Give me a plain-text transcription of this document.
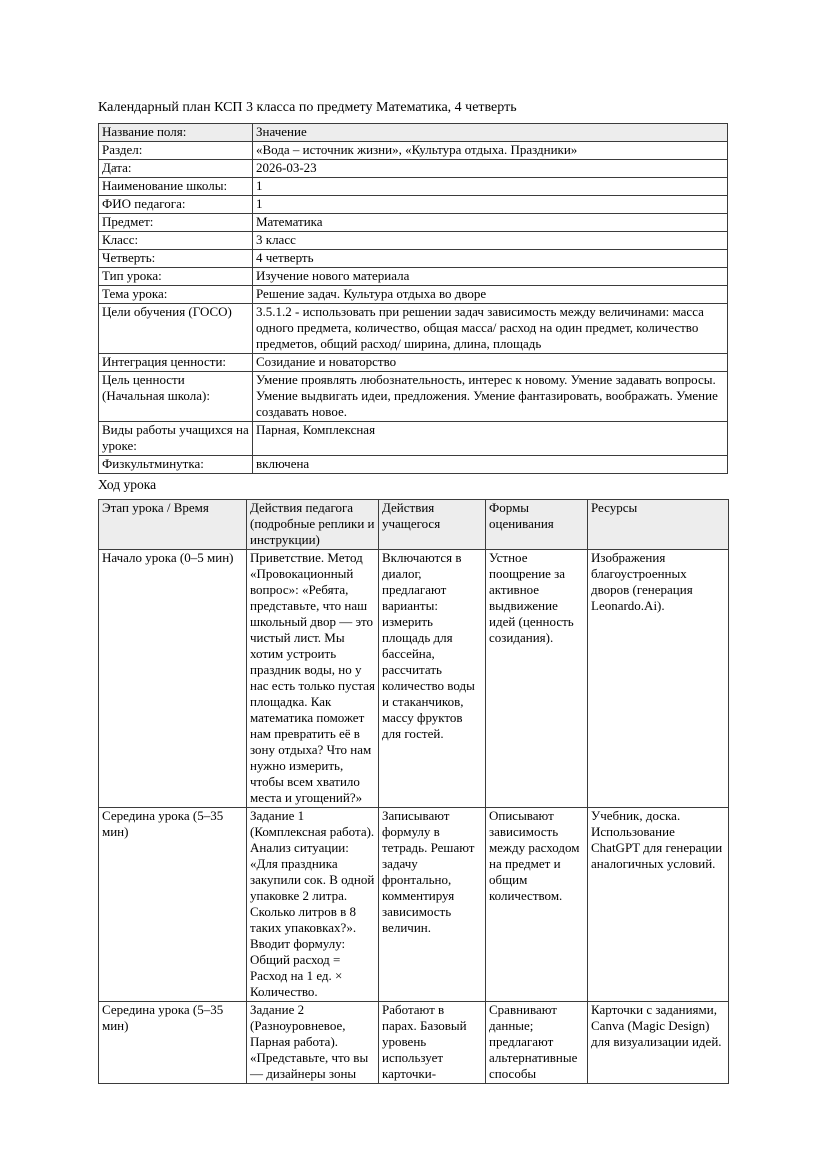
Календарный план КСП 3 класса по предмету Математика, 4 четверть

Название поля:	Значение
Раздел:	«Вода – источник жизни», «Культура отдыха. Праздники»
Дата:	2026-03-23
Наименование школы:	1
ФИО педагога:	1
Предмет:	Математика
Класс:	3 класс
Четверть:	4 четверть
Тип урока:	Изучение нового материала
Тема урока:	Решение задач. Культура отдыха во дворе
Цели обучения (ГОСО)	3.5.1.2 - использовать при решении задач зависимость между величинами: масса одного предмета, количество, общая масса/ расход на один предмет, количество предметов, общий расход/ ширина, длина, площадь
Интеграция ценности:	Созидание и новаторство
Цель ценности (Начальная школа):	Умение проявлять любознательность, интерес к новому. Умение задавать вопросы. Умение выдвигать идеи, предложения. Умение фантазировать, воображать. Умение создавать новое.
Виды работы учащихся на уроке:	Парная, Комплексная
Физкультминутка:	включена

Ход урока

Этап урока / Время	Действия педагога (подробные реплики и инструкции)	Действия учащегося	Формы оценивания	Ресурсы
Начало урока (0–5 мин)	Приветствие. Метод «Провокационный вопрос»: «Ребята, представьте, что наш школьный двор — это чистый лист. Мы хотим устроить праздник воды, но у нас есть только пустая площадка. Как математика поможет нам превратить её в зону отдыха? Что нам нужно измерить, чтобы всем хватило места и угощений?»	Включаются в диалог, предлагают варианты: измерить площадь для бассейна, рассчитать количество воды и стаканчиков, массу фруктов для гостей.	Устное поощрение за активное выдвижение идей (ценность созидания).	Изображения благоустроенных дворов (генерация Leonardo.Ai).
Середина урока (5–35 мин)	Задание 1 (Комплексная работа). Анализ ситуации: «Для праздника закупили сок. В одной упаковке 2 литра. Сколько литров в 8 таких упаковках?». Вводит формулу: Общий расход = Расход на 1 ед. × Количество.	Записывают формулу в тетрадь. Решают задачу фронтально, комментируя зависимость величин.	Описывают зависимость между расходом на предмет и общим количеством.	Учебник, доска. Использование ChatGPT для генерации аналогичных условий.
Середина урока (5–35 мин)	Задание 2 (Разноуровневое, Парная работа). «Представьте, что вы — дизайнеры зоны	Работают в парах. Базовый уровень использует карточки-	Сравнивают данные; предлагают альтернативные способы	Карточки с заданиями, Canva (Magic Design) для визуализации идей.
